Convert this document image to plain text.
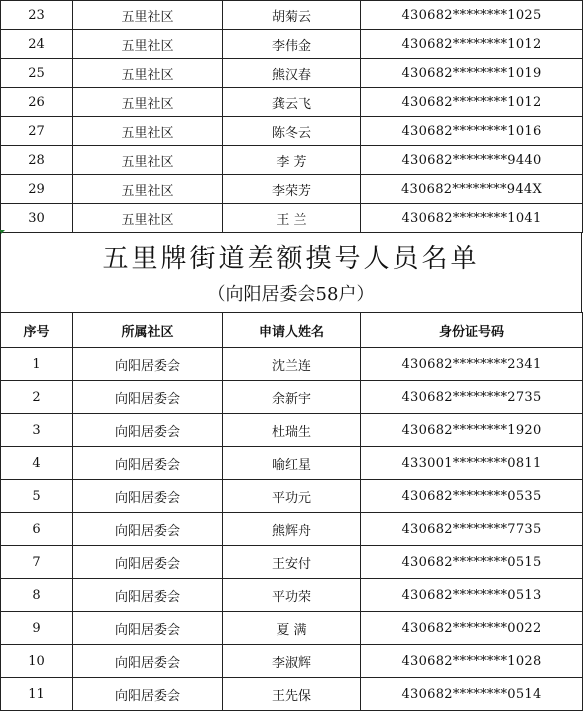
23	五里社区	胡菊云	430682********1025
24	五里社区	李伟金	430682********1012
25	五里社区	熊汉春	430682********1019
26	五里社区	龚云飞	430682********1012
27	五里社区	陈冬云	430682********1016
28	五里社区	李 芳	430682********9440
29	五里社区	李荣芳	430682********944X
30	五里社区	王 兰	430682********1041
五里牌街道差额摸号人员名单
（向阳居委会58户）
序号	所属社区	申请人姓名	身份证号码
1	向阳居委会	沈兰连	430682********2341
2	向阳居委会	余新宇	430682********2735
3	向阳居委会	杜瑞生	430682********1920
4	向阳居委会	喻红星	433001********0811
5	向阳居委会	平功元	430682********0535
6	向阳居委会	熊辉舟	430682********7735
7	向阳居委会	王安付	430682********0515
8	向阳居委会	平功荣	430682********0513
9	向阳居委会	夏 满	430682********0022
10	向阳居委会	李淑辉	430682********1028
11	向阳居委会	王先保	430682********0514
